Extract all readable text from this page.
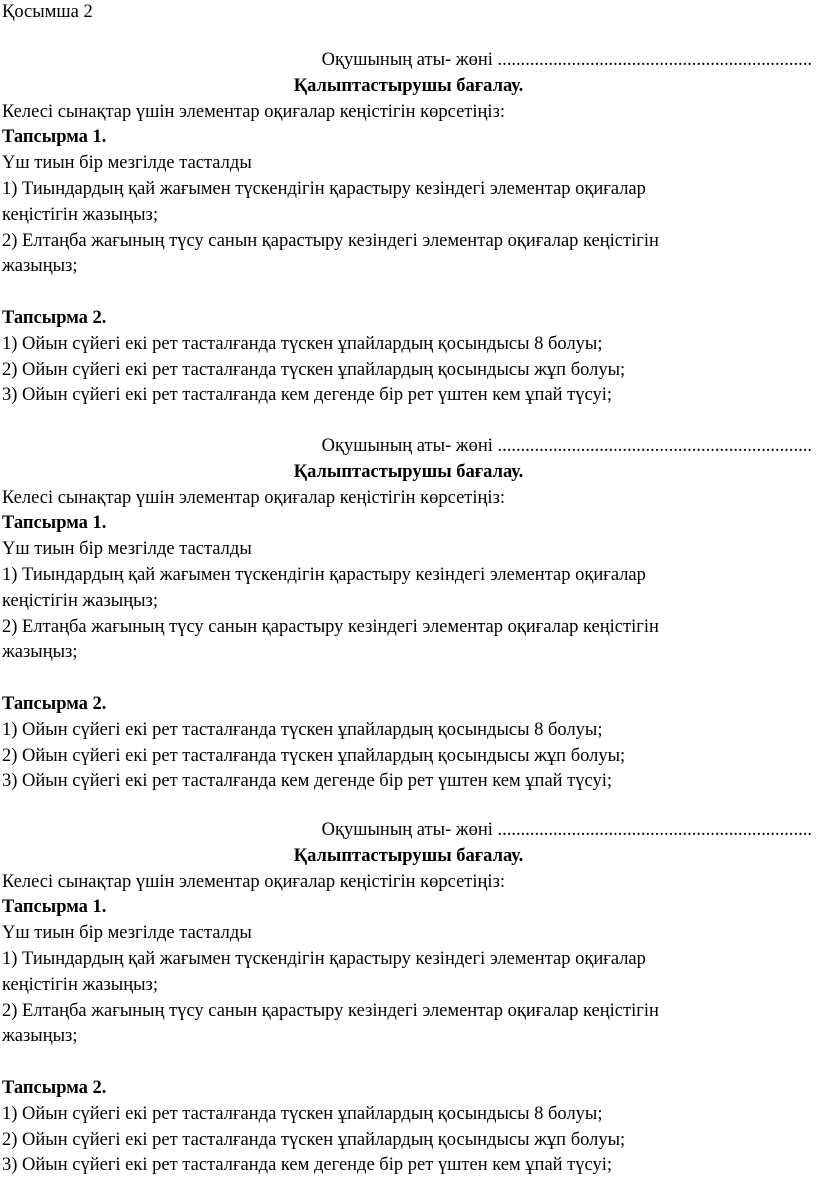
Қосымша 2
Оқушының аты- жөні ....................................................................
Қалыптастырушы бағалау.
Келесі сынақтар үшін элементар оқиғалар кеңістігін көрсетіңіз:
Тапсырма 1.
Үш тиын бір мезгілде тасталды
1) Тиындардың қай жағымен түскендігін қарастыру кезіндегі элементар оқиғалар
кеңістігін жазыңыз;
2) Елтаңба жағының түсу санын қарастыру кезіндегі элементар оқиғалар кеңістігін
жазыңыз;
Тапсырма 2.
1) Ойын сүйегі екі рет тасталғанда түскен ұпайлардың қосындысы 8 болуы;
2) Ойын сүйегі екі рет тасталғанда түскен ұпайлардың қосындысы жұп болуы;
3) Ойын сүйегі екі рет тасталғанда кем дегенде бір рет үштен кем ұпай түсуі;
Оқушының аты- жөні ....................................................................
Қалыптастырушы бағалау.
Келесі сынақтар үшін элементар оқиғалар кеңістігін көрсетіңіз:
Тапсырма 1.
Үш тиын бір мезгілде тасталды
1) Тиындардың қай жағымен түскендігін қарастыру кезіндегі элементар оқиғалар
кеңістігін жазыңыз;
2) Елтаңба жағының түсу санын қарастыру кезіндегі элементар оқиғалар кеңістігін
жазыңыз;
Тапсырма 2.
1) Ойын сүйегі екі рет тасталғанда түскен ұпайлардың қосындысы 8 болуы;
2) Ойын сүйегі екі рет тасталғанда түскен ұпайлардың қосындысы жұп болуы;
3) Ойын сүйегі екі рет тасталғанда кем дегенде бір рет үштен кем ұпай түсуі;
Оқушының аты- жөні ....................................................................
Қалыптастырушы бағалау.
Келесі сынақтар үшін элементар оқиғалар кеңістігін көрсетіңіз:
Тапсырма 1.
Үш тиын бір мезгілде тасталды
1) Тиындардың қай жағымен түскендігін қарастыру кезіндегі элементар оқиғалар
кеңістігін жазыңыз;
2) Елтаңба жағының түсу санын қарастыру кезіндегі элементар оқиғалар кеңістігін
жазыңыз;
Тапсырма 2.
1) Ойын сүйегі екі рет тасталғанда түскен ұпайлардың қосындысы 8 болуы;
2) Ойын сүйегі екі рет тасталғанда түскен ұпайлардың қосындысы жұп болуы;
3) Ойын сүйегі екі рет тасталғанда кем дегенде бір рет үштен кем ұпай түсуі;
